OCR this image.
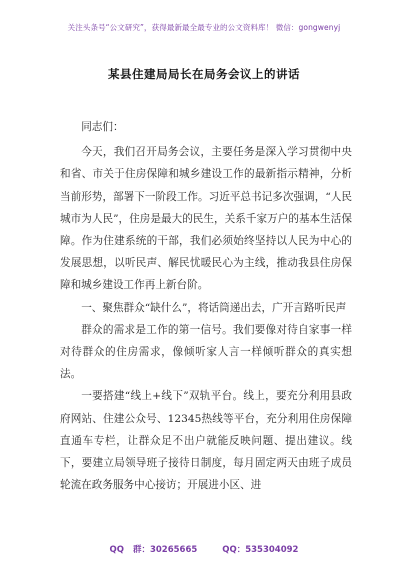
关注头条号“公文研究”，获得最新最全最专业的公文资料库！ 微信：gongwenyj
某县住建局局长在局务会议上的讲话

同志们：

今天，我们召开局务会议，主要任务是深入学习贯彻中央和省、市关于住房保障和城乡建设工作的最新指示精神，分析当前形势，部署下一阶段工作。习近平总书记多次强调，“人民城市为人民”，住房是最大的民生，关系千家万户的基本生活保障。作为住建系统的干部，我们必须始终坚持以人民为中心的发展思想，以听民声、解民忧暖民心为主线，推动我县住房保障和城乡建设工作再上新台阶。

一、聚焦群众“缺什么”，将话筒递出去，广开言路听民声

群众的需求是工作的第一信号。我们要像对待自家事一样对待群众的住房需求，像倾听家人言一样倾听群众的真实想法。

一要搭建“线上+线下”双轨平台。线上，要充分利用县政府网站、住建公众号、12345热线等平台，充分利用住房保障直通车专栏，让群众足不出户就能反映问题、提出建议。线下，要建立局领导班子接待日制度，每月固定两天由班子成员轮流在政务服务中心接访；开展进小区、进

QQ 群：30265665	QQ：535304092
